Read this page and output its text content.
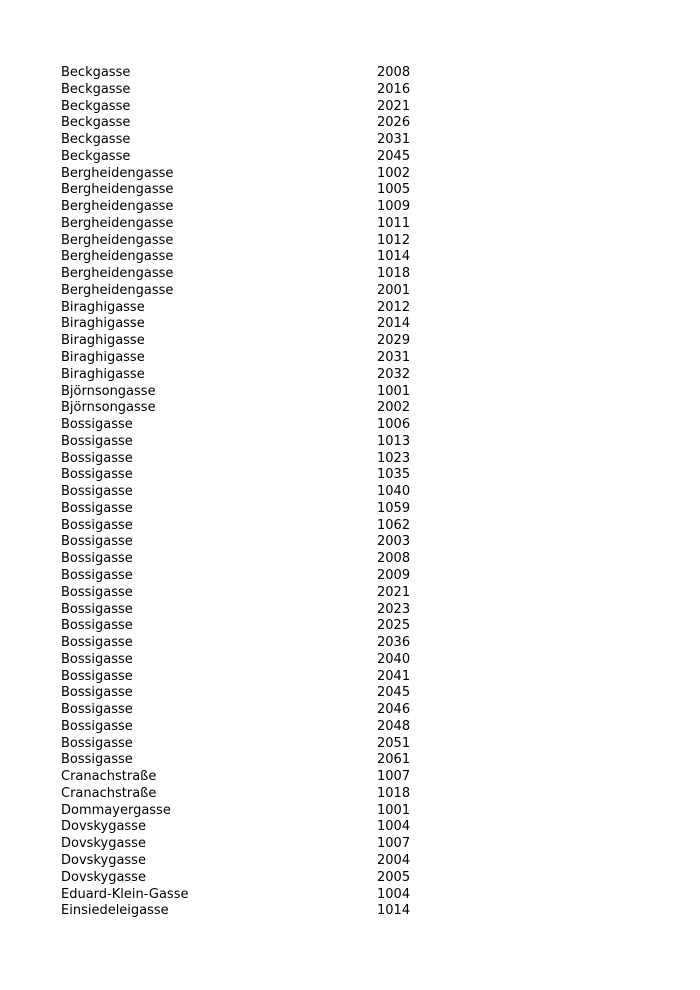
Beckgasse	2008
Beckgasse	2016
Beckgasse	2021
Beckgasse	2026
Beckgasse	2031
Beckgasse	2045
Bergheidengasse	1002
Bergheidengasse	1005
Bergheidengasse	1009
Bergheidengasse	1011
Bergheidengasse	1012
Bergheidengasse	1014
Bergheidengasse	1018
Bergheidengasse	2001
Biraghigasse	2012
Biraghigasse	2014
Biraghigasse	2029
Biraghigasse	2031
Biraghigasse	2032
Björnsongasse	1001
Björnsongasse	2002
Bossigasse	1006
Bossigasse	1013
Bossigasse	1023
Bossigasse	1035
Bossigasse	1040
Bossigasse	1059
Bossigasse	1062
Bossigasse	2003
Bossigasse	2008
Bossigasse	2009
Bossigasse	2021
Bossigasse	2023
Bossigasse	2025
Bossigasse	2036
Bossigasse	2040
Bossigasse	2041
Bossigasse	2045
Bossigasse	2046
Bossigasse	2048
Bossigasse	2051
Bossigasse	2061
Cranachstraße	1007
Cranachstraße	1018
Dommayergasse	1001
Dovskygasse	1004
Dovskygasse	1007
Dovskygasse	2004
Dovskygasse	2005
Eduard-Klein-Gasse	1004
Einsiedeleigasse	1014
